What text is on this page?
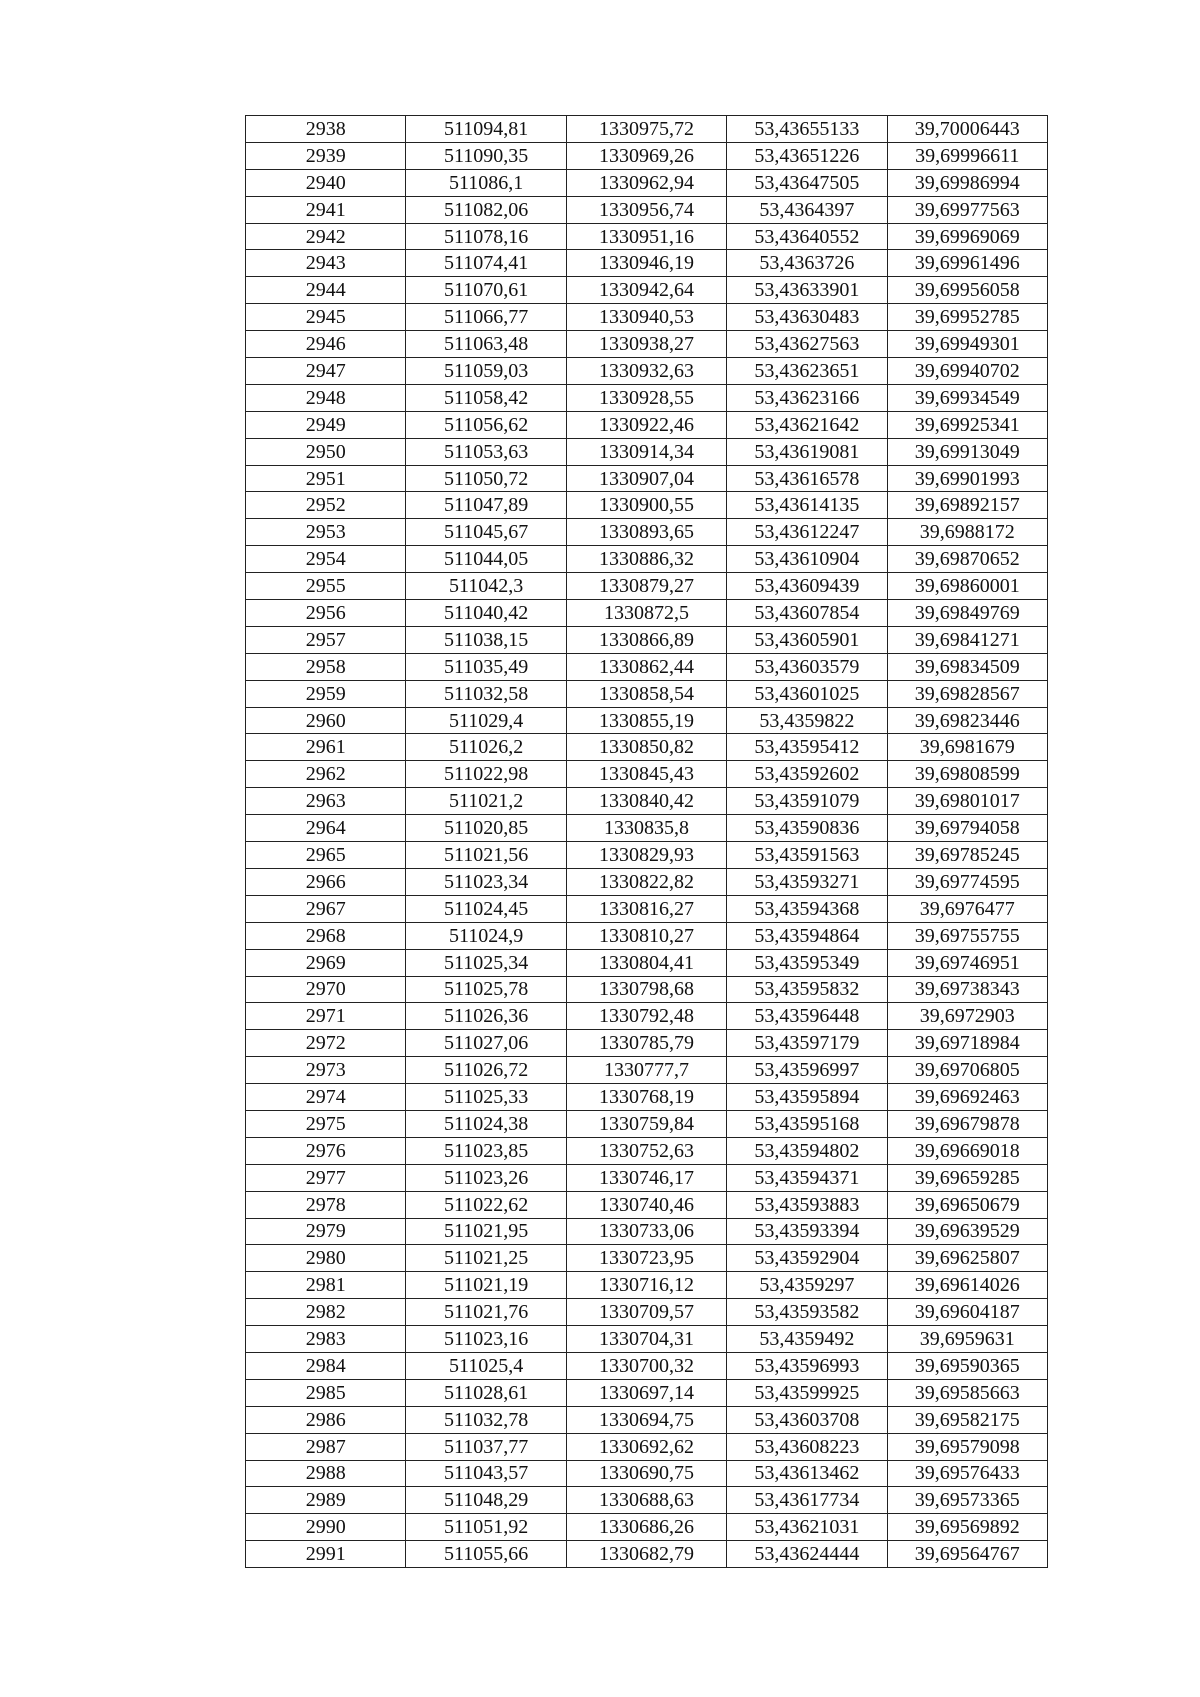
2938	511094,81	1330975,72	53,43655133	39,70006443
2939	511090,35	1330969,26	53,43651226	39,69996611
2940	511086,1	1330962,94	53,43647505	39,69986994
2941	511082,06	1330956,74	53,4364397	39,69977563
2942	511078,16	1330951,16	53,43640552	39,69969069
2943	511074,41	1330946,19	53,4363726	39,69961496
2944	511070,61	1330942,64	53,43633901	39,69956058
2945	511066,77	1330940,53	53,43630483	39,69952785
2946	511063,48	1330938,27	53,43627563	39,69949301
2947	511059,03	1330932,63	53,43623651	39,69940702
2948	511058,42	1330928,55	53,43623166	39,69934549
2949	511056,62	1330922,46	53,43621642	39,69925341
2950	511053,63	1330914,34	53,43619081	39,69913049
2951	511050,72	1330907,04	53,43616578	39,69901993
2952	511047,89	1330900,55	53,43614135	39,69892157
2953	511045,67	1330893,65	53,43612247	39,6988172
2954	511044,05	1330886,32	53,43610904	39,69870652
2955	511042,3	1330879,27	53,43609439	39,69860001
2956	511040,42	1330872,5	53,43607854	39,69849769
2957	511038,15	1330866,89	53,43605901	39,69841271
2958	511035,49	1330862,44	53,43603579	39,69834509
2959	511032,58	1330858,54	53,43601025	39,69828567
2960	511029,4	1330855,19	53,4359822	39,69823446
2961	511026,2	1330850,82	53,43595412	39,6981679
2962	511022,98	1330845,43	53,43592602	39,69808599
2963	511021,2	1330840,42	53,43591079	39,69801017
2964	511020,85	1330835,8	53,43590836	39,69794058
2965	511021,56	1330829,93	53,43591563	39,69785245
2966	511023,34	1330822,82	53,43593271	39,69774595
2967	511024,45	1330816,27	53,43594368	39,6976477
2968	511024,9	1330810,27	53,43594864	39,69755755
2969	511025,34	1330804,41	53,43595349	39,69746951
2970	511025,78	1330798,68	53,43595832	39,69738343
2971	511026,36	1330792,48	53,43596448	39,6972903
2972	511027,06	1330785,79	53,43597179	39,69718984
2973	511026,72	1330777,7	53,43596997	39,69706805
2974	511025,33	1330768,19	53,43595894	39,69692463
2975	511024,38	1330759,84	53,43595168	39,69679878
2976	511023,85	1330752,63	53,43594802	39,69669018
2977	511023,26	1330746,17	53,43594371	39,69659285
2978	511022,62	1330740,46	53,43593883	39,69650679
2979	511021,95	1330733,06	53,43593394	39,69639529
2980	511021,25	1330723,95	53,43592904	39,69625807
2981	511021,19	1330716,12	53,4359297	39,69614026
2982	511021,76	1330709,57	53,43593582	39,69604187
2983	511023,16	1330704,31	53,4359492	39,6959631
2984	511025,4	1330700,32	53,43596993	39,69590365
2985	511028,61	1330697,14	53,43599925	39,69585663
2986	511032,78	1330694,75	53,43603708	39,69582175
2987	511037,77	1330692,62	53,43608223	39,69579098
2988	511043,57	1330690,75	53,43613462	39,69576433
2989	511048,29	1330688,63	53,43617734	39,69573365
2990	511051,92	1330686,26	53,43621031	39,69569892
2991	511055,66	1330682,79	53,43624444	39,69564767
